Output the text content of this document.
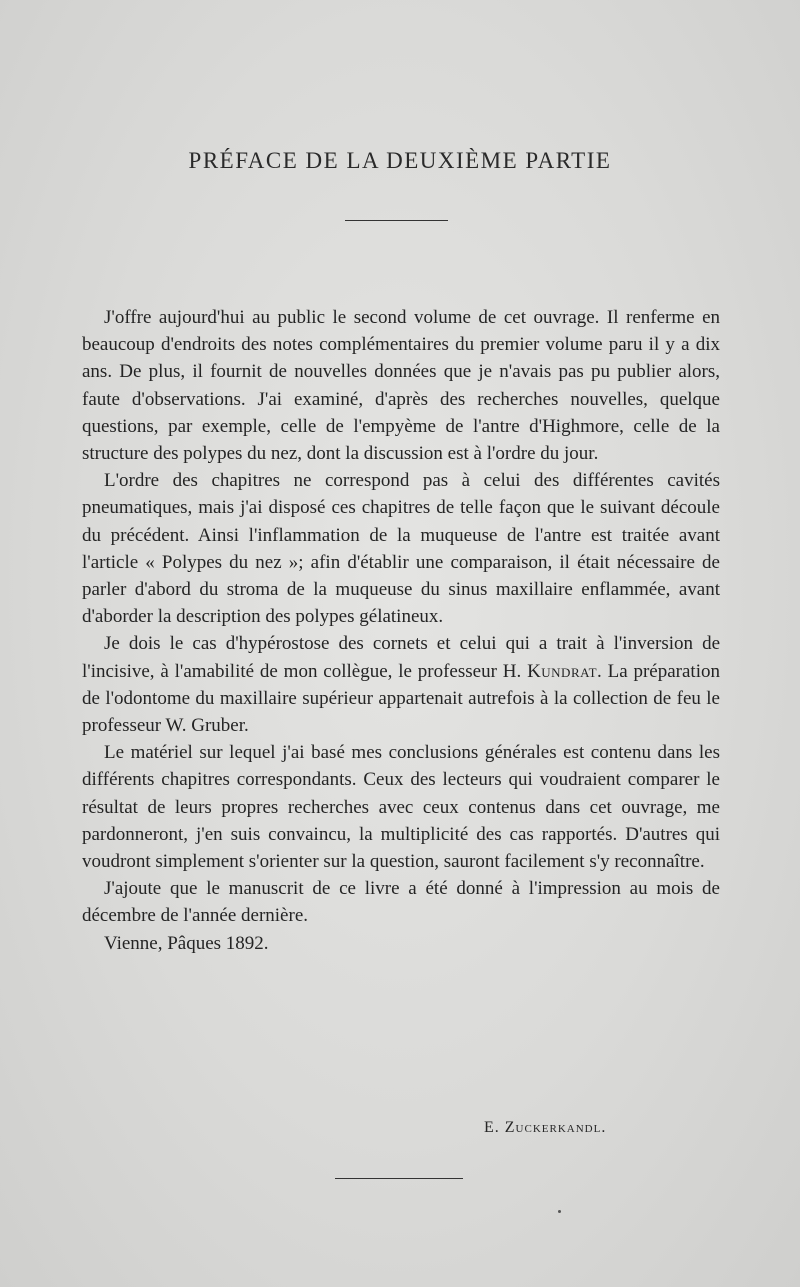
PRÉFACE DE LA DEUXIÈME PARTIE

J'offre aujourd'hui au public le second volume de cet ouvrage. Il renferme en beaucoup d'endroits des notes complémentaires du premier volume paru il y a dix ans. De plus, il fournit de nouvelles données que je n'avais pas pu publier alors, faute d'observations. J'ai examiné, d'après des recherches nouvelles, quelque questions, par exemple, celle de l'empyème de l'antre d'Highmore, celle de la structure des polypes du nez, dont la discussion est à l'ordre du jour.

L'ordre des chapitres ne correspond pas à celui des différentes cavités pneumatiques, mais j'ai disposé ces chapitres de telle façon que le suivant découle du précédent. Ainsi l'inflammation de la muqueuse de l'antre est traitée avant l'article « Polypes du nez »; afin d'établir une comparaison, il était nécessaire de parler d'abord du stroma de la muqueuse du sinus maxillaire enflammée, avant d'aborder la description des polypes gélatineux.

Je dois le cas d'hypérostose des cornets et celui qui a trait à l'inversion de l'incisive, à l'amabilité de mon collègue, le professeur H. Kundrat. La préparation de l'odontome du maxillaire supérieur appartenait autrefois à la collection de feu le professeur W. Gruber.

Le matériel sur lequel j'ai basé mes conclusions générales est contenu dans les différents chapitres correspondants. Ceux des lecteurs qui voudraient comparer le résultat de leurs propres recherches avec ceux contenus dans cet ouvrage, me pardonneront, j'en suis convaincu, la multiplicité des cas rapportés. D'autres qui voudront simplement s'orienter sur la question, sauront facilement s'y reconnaître.

J'ajoute que le manuscrit de ce livre a été donné à l'impression au mois de décembre de l'année dernière.

Vienne, Pâques 1892.

E. Zuckerkandl.
